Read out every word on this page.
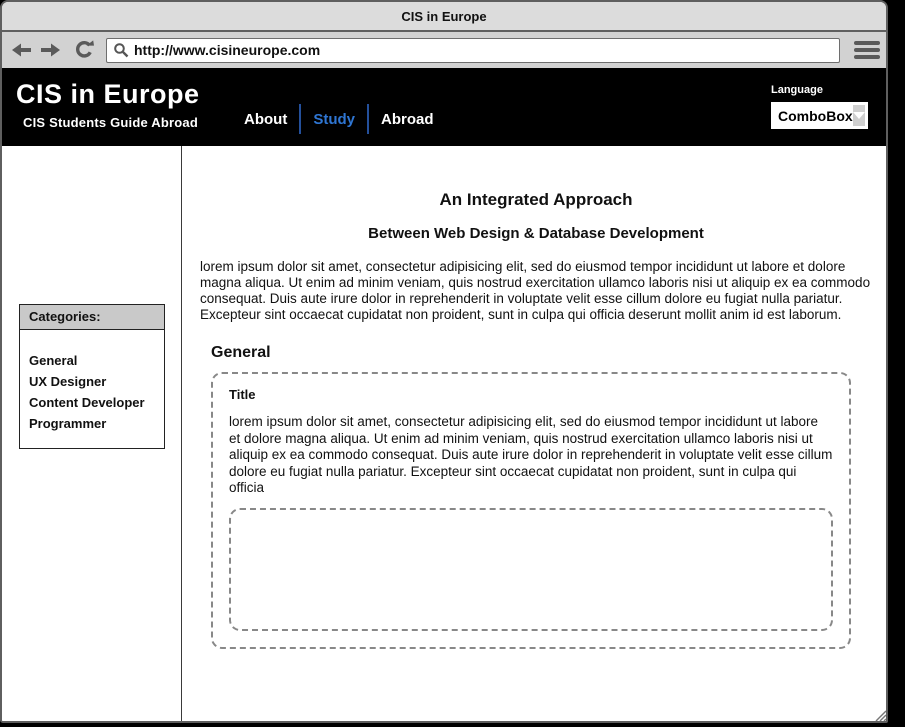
CIS in Europe
http://www.cisineurope.com
CIS in Europe
CIS Students Guide Abroad	About	Study	Abroad
Language
ComboBox
Categories:
General
UX Designer
Content Developer
Programmer
An Integrated Approach
Between Web Design & Database Development

lorem ipsum dolor sit amet, consectetur adipisicing elit, sed do eiusmod tempor incididunt ut labore et dolore magna aliqua. Ut enim ad minim veniam, quis nostrud exercitation ullamco laboris nisi ut aliquip ex ea commodo consequat. Duis aute irure dolor in reprehenderit in voluptate velit esse cillum dolore eu fugiat nulla pariatur. Excepteur sint occaecat cupidatat non proident, sunt in culpa qui officia deserunt mollit anim id est laborum.

General
Title

lorem ipsum dolor sit amet, consectetur adipisicing elit, sed do eiusmod tempor incididunt ut labore et dolore magna aliqua. Ut enim ad minim veniam, quis nostrud exercitation ullamco laboris nisi ut aliquip ex ea commodo consequat. Duis aute irure dolor in reprehenderit in voluptate velit esse cillum dolore eu fugiat nulla pariatur. Excepteur sint occaecat cupidatat non proident, sunt in culpa qui officia
